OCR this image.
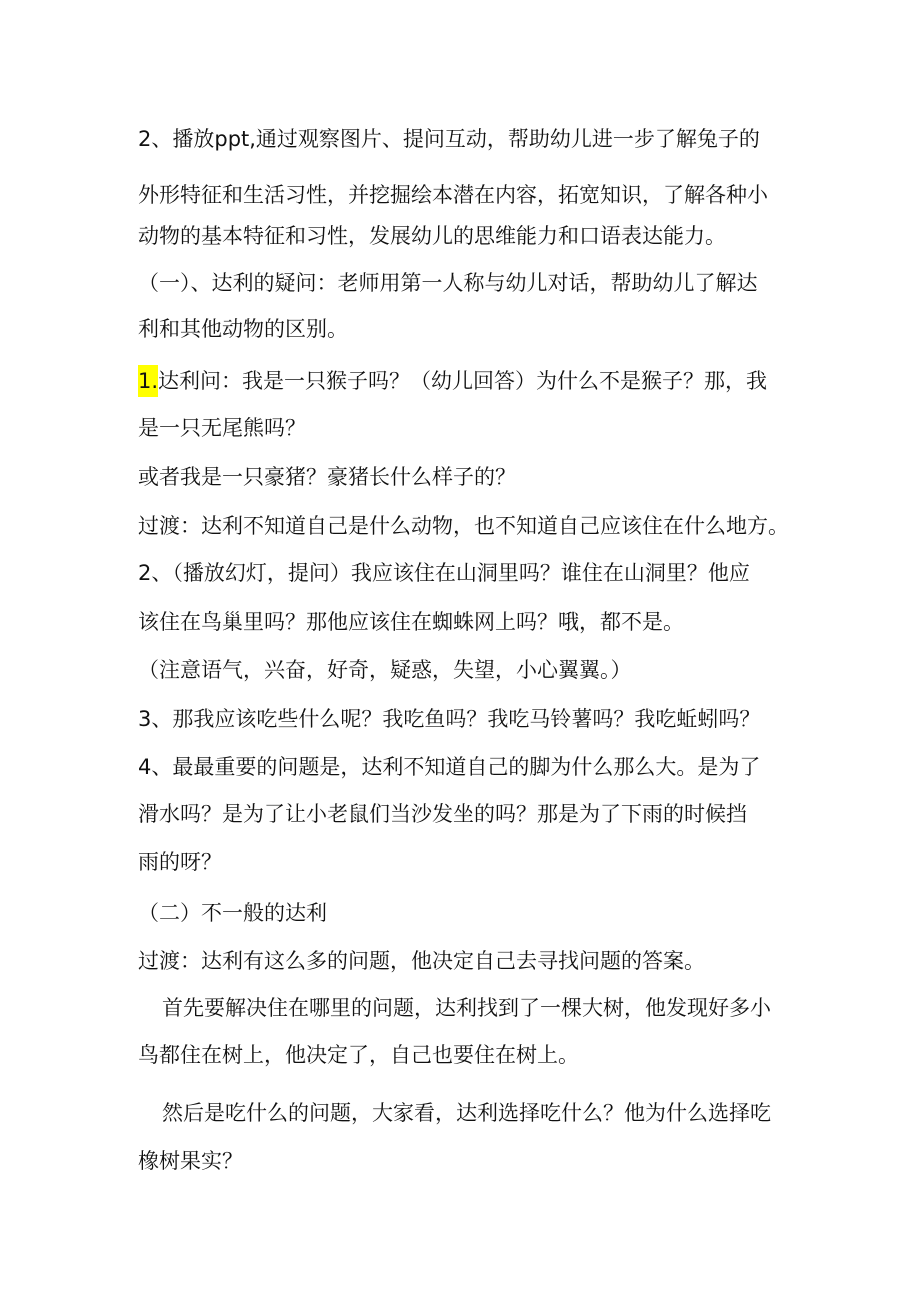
2、播放ppt,通过观察图片、提问互动，帮助幼儿进一步了解兔子的
外形特征和生活习性，并挖掘绘本潜在内容，拓宽知识，了解各种小
动物的基本特征和习性，发展幼儿的思维能力和口语表达能力。
（一）、达利的疑问：老师用第一人称与幼儿对话，帮助幼儿了解达
利和其他动物的区别。
1.达利问：我是一只猴子吗？（幼儿回答）为什么不是猴子？那，我
是一只无尾熊吗？
或者我是一只豪猪？豪猪长什么样子的？
过渡：达利不知道自己是什么动物，也不知道自己应该住在什么地方。
2、（播放幻灯，提问）我应该住在山洞里吗？谁住在山洞里？他应
该住在鸟巢里吗？那他应该住在蜘蛛网上吗？哦，都不是。
（注意语气，兴奋，好奇，疑惑，失望，小心翼翼。）
3、那我应该吃些什么呢？我吃鱼吗？我吃马铃薯吗？我吃蚯蚓吗？
4、最最重要的问题是，达利不知道自己的脚为什么那么大。是为了
滑水吗？是为了让小老鼠们当沙发坐的吗？那是为了下雨的时候挡
雨的呀？
（二）不一般的达利
过渡：达利有这么多的问题，他决定自己去寻找问题的答案。
首先要解决住在哪里的问题，达利找到了一棵大树，他发现好多小
鸟都住在树上，他决定了，自己也要住在树上。
然后是吃什么的问题，大家看，达利选择吃什么？他为什么选择吃
橡树果实？
